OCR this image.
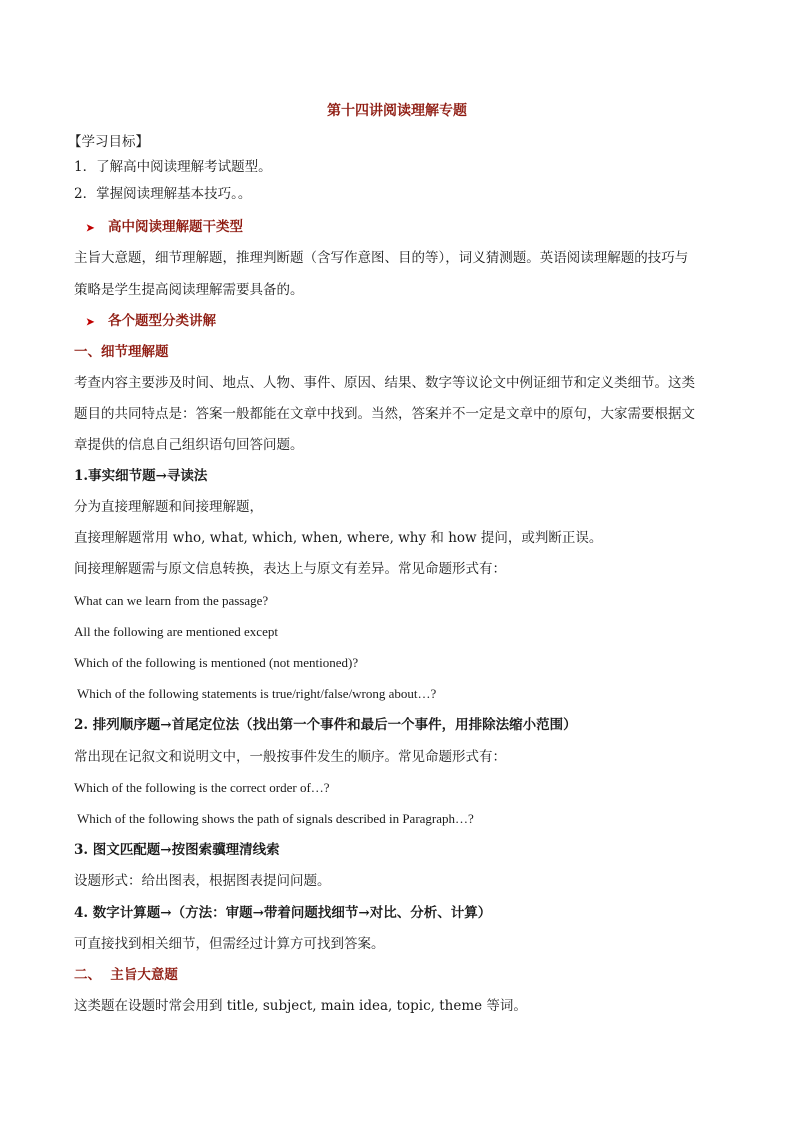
第十四讲阅读理解专题
【学习目标】
1．了解高中阅读理解考试题型。
2．掌握阅读理解基本技巧。。
➤ 高中阅读理解题干类型
主旨大意题，细节理解题，推理判断题（含写作意图、目的等），词义猜测题。英语阅读理解题的技巧与
策略是学生提高阅读理解需要具备的。
➤ 各个题型分类讲解
一、细节理解题
考查内容主要涉及时间、地点、人物、事件、原因、结果、数字等议论文中例证细节和定义类细节。这类
题目的共同特点是：答案一般都能在文章中找到。当然，答案并不一定是文章中的原句，大家需要根据文
章提供的信息自己组织语句回答问题。
1.事实细节题→寻读法
分为直接理解题和间接理解题，
直接理解题常用 who, what, which, when, where, why 和 how 提问，或判断正误。
间接理解题需与原文信息转换，表达上与原文有差异。常见命题形式有：
What can we learn from the passage?
All the following are mentioned except
Which of the following is mentioned (not mentioned)?
Which of the following statements is true/right/false/wrong about…?
2. 排列顺序题→首尾定位法（找出第一个事件和最后一个事件，用排除法缩小范围）
常出现在记叙文和说明文中，一般按事件发生的顺序。常见命题形式有：
Which of the following is the correct order of…?
Which of the following shows the path of signals described in Paragraph…?
3. 图文匹配题→按图索骥理清线索
设题形式：给出图表，根据图表提问问题。
4. 数字计算题→（方法：审题→带着问题找细节→对比、分析、计算）
可直接找到相关细节，但需经过计算方可找到答案。
二、  主旨大意题
这类题在设题时常会用到 title, subject, main idea, topic, theme 等词。
